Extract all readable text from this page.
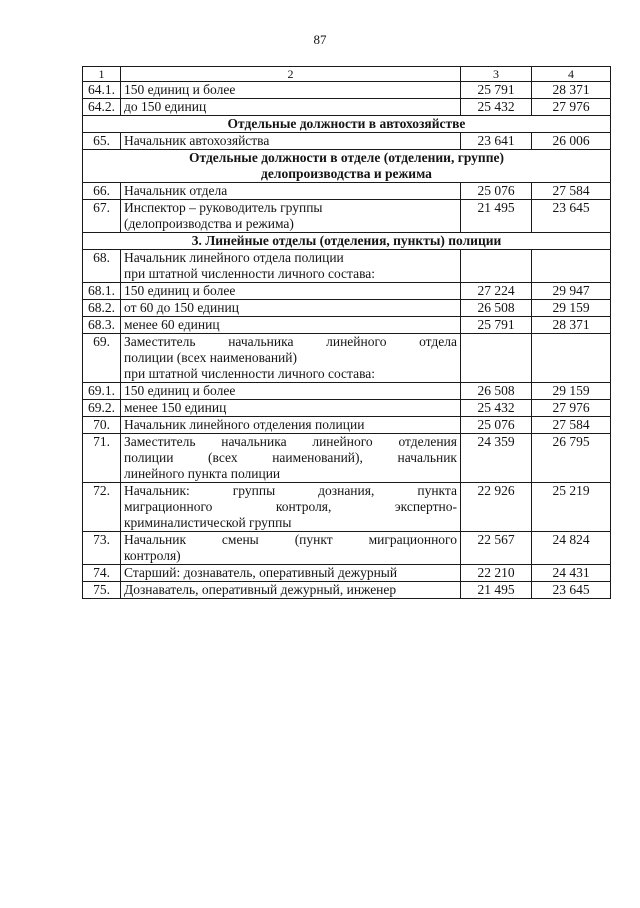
87
1	2	3	4
64.1.	150 единиц и более	25 791	28 371
64.2.	до 150 единиц	25 432	27 976

Отдельные должности в автохозяйстве			

65.	Начальник автохозяйства	23 641	26 006

Отдельные должности в отделе (отделении, группе)
делопроизводства и режима			

66.	Начальник отдела	25 076	27 584
67.	Инспектор – руководитель группы
(делопроизводства и режима)	21 495	23 645

3. Линейные отделы (отделения, пункты) полиции			

68.	Начальник линейного отдела полиции
при штатной численности личного состава:		

68.1.	150 единиц и более	27 224	29 947
68.2.	от 60 до 150 единиц	26 508	29 159
68.3.	менее 60 единиц	25 791	28 371
69.	Заместитель начальника линейного отдела
полиции (всех наименований)
при штатной численности личного состава:		

69.1.	150 единиц и более	26 508	29 159
69.2.	менее 150 единиц	25 432	27 976
70.	Начальник линейного отделения полиции	25 076	27 584
71.	Заместитель начальника линейного отделения
полиции (всех наименований), начальник
линейного пункта полиции	24 359	26 795
72.	Начальник: группы дознания, пункта
миграционного контроля, экспертно-
криминалистической группы	22 926	25 219
73.	Начальник смены (пункт миграционного
контроля)	22 567	24 824
74.	Старший: дознаватель, оперативный дежурный	22 210	24 431
75.	Дознаватель, оперативный дежурный, инженер	21 495	23 645
